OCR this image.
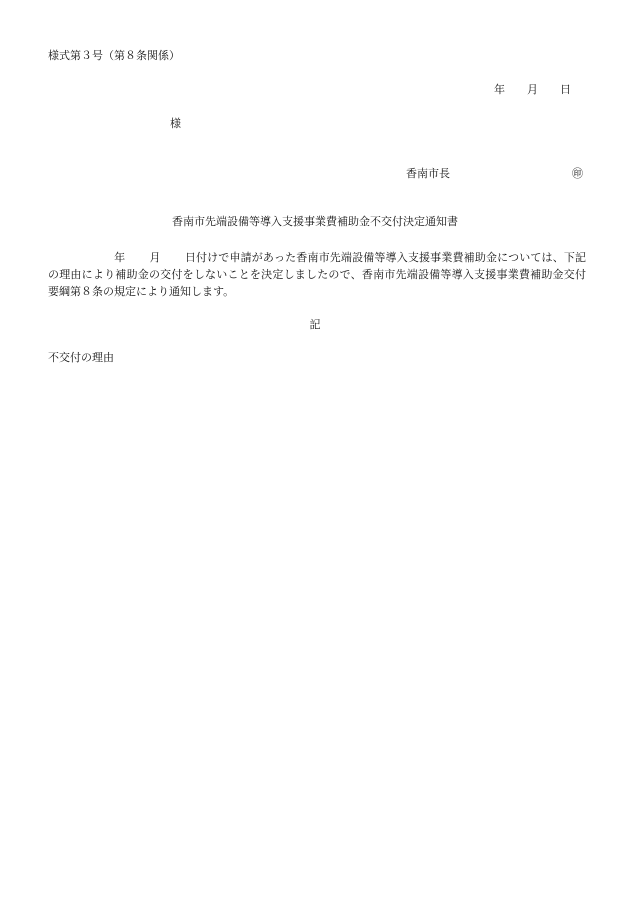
様式第３号（第８条関係）
年 月 日
様
香南市長	㊞
香南市先端設備等導入支援事業費補助金不交付決定通知書
年 月 日付けで申請があった香南市先端設備等導入支援事業費補助金については、下記の理由により補助金の交付をしないことを決定しましたので、香南市先端設備等導入支援事業費補助金交付要綱第８条の規定により通知します。
記
不交付の理由
